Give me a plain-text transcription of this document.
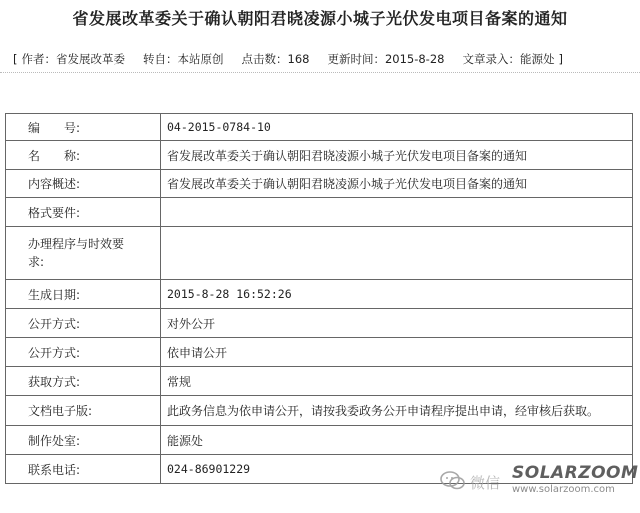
省发展改革委关于确认朝阳君晓凌源小城子光伏发电项目备案的通知
[ 作者：省发展改革委 转自：本站原创 点击数：168 更新时间：2015-8-28 文章录入：能源处 ]
编　　号:	04-2015-0784-10
名　　称:	省发展改革委关于确认朝阳君晓凌源小城子光伏发电项目备案的通知
内容概述:	省发展改革委关于确认朝阳君晓凌源小城子光伏发电项目备案的通知
格式要件:	
办理程序与时效要求:	
生成日期:	2015-8-28 16:52:26
公开方式:	对外公开
公开方式:	依申请公开
获取方式:	常规
文档电子版:	此政务信息为依申请公开，请按我委政务公开申请程序提出申请，经审核后获取。
制作处室:	能源处
联系电话:	024-86901229
微信 SOLARZOOM
www.solarzoom.com
